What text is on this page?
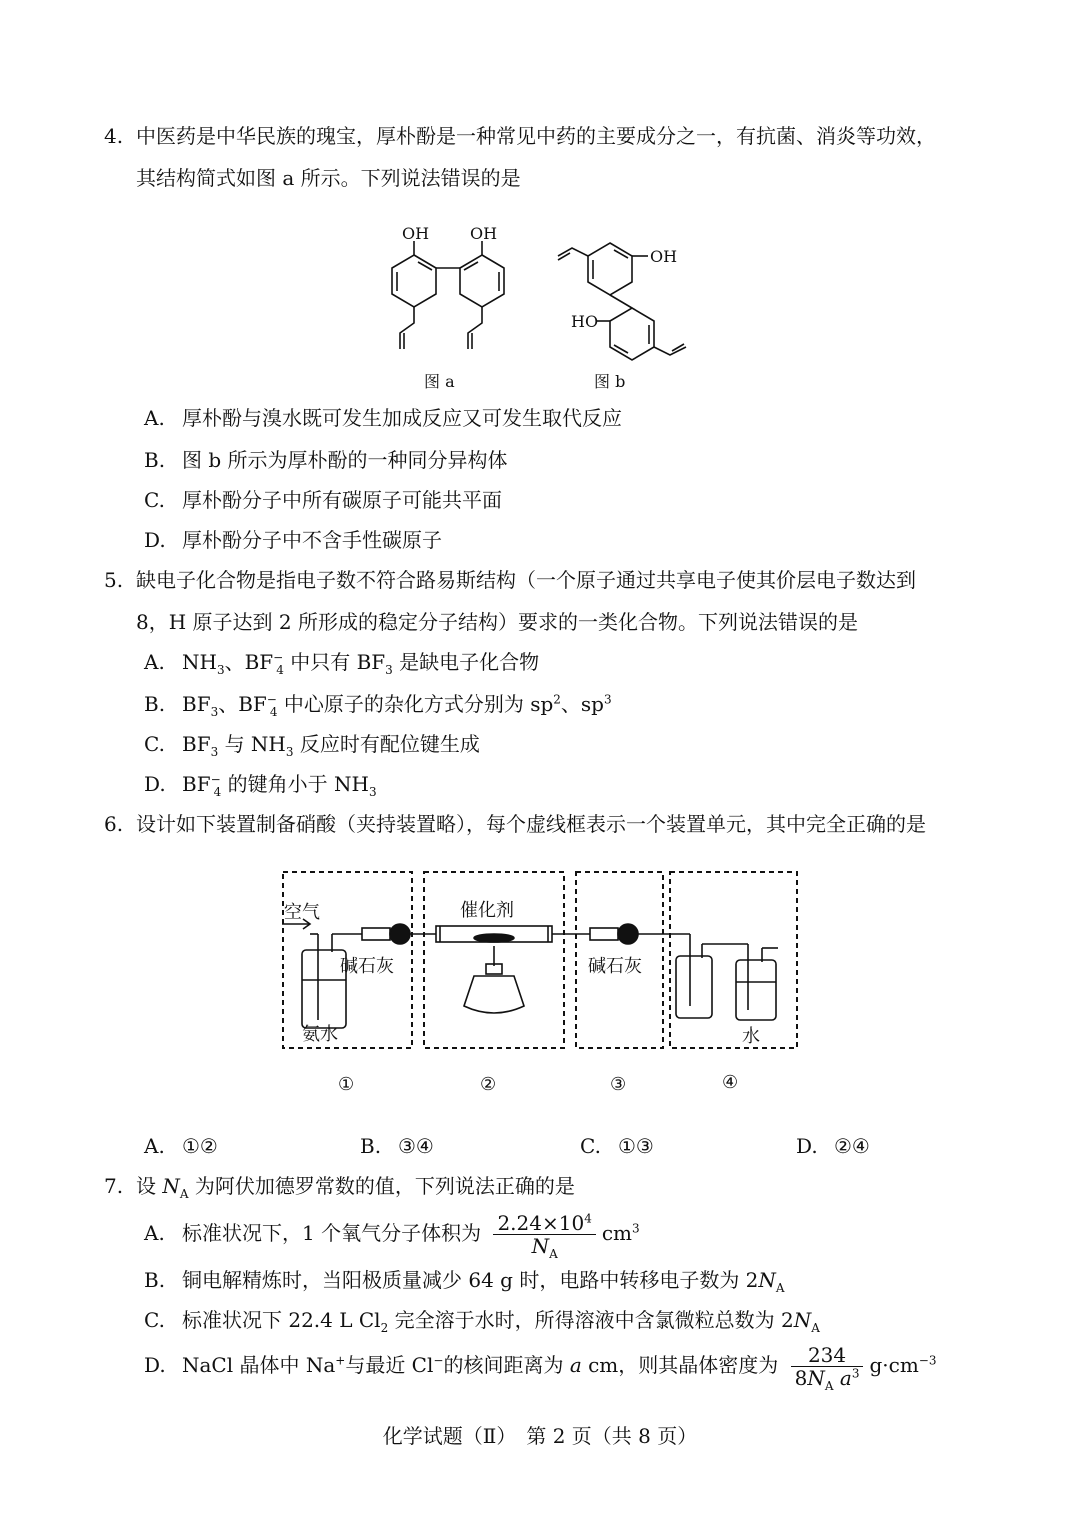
4. 中医药是中华民族的瑰宝，厚朴酚是一种常见中药的主要成分之一，有抗菌、消炎等功效，
其结构简式如图 a 所示。下列说法错误的是
OH	OH
OH
HO
图 a	图 b
A. 厚朴酚与溴水既可发生加成反应又可发生取代反应
B. 图 b 所示为厚朴酚的一种同分异构体
C. 厚朴酚分子中所有碳原子可能共平面
D. 厚朴酚分子中不含手性碳原子
5. 缺电子化合物是指电子数不符合路易斯结构（一个原子通过共享电子使其价层电子数达到
8，H 原子达到 2 所形成的稳定分子结构）要求的一类化合物。下列说法错误的是
A. $NH_3$、$BF^-_4$ 中只有 $BF_3$ 是缺电子化合物
B. $BF_3$、$BF^-_4$ 中心原子的杂化方式分别为 $sp^2$、$sp^3$
C. $BF_3$ 与 $NH_3$ 反应时有配位键生成
D. $BF^-_4$ 的键角小于 $NH_3$
6. 设计如下装置制备硝酸（夹持装置略），每个虚线框表示一个装置单元，其中完全正确的是
空气	催化剂
碱石灰	碱石灰
氨水	水
①	②	③	④
A. ①②	B. ③④	C. ①③	D. ②④
7. 设 $N_A$ 为阿伏加德罗常数的值，下列说法正确的是
A. 标准状况下，1 个氧气分子体积为 $\frac{2.24\times 10^4}{N_A} cm^3$
B. 铜电解精炼时，当阳极质量减少 64 g 时，电路中转移电子数为 $2N_A$
C. 标准状况下 22.4 L $Cl_2$ 完全溶于水时，所得溶液中含氯微粒总数为 $2N_A$
D. NaCl 晶体中 Na+与最近 Cl−的核间距离为 a cm，则其晶体密度为 $\frac{234}{8N_A a^3} g\cdot cm^{-3}$
化学试题（Ⅱ）　第 2 页（共 8 页）
